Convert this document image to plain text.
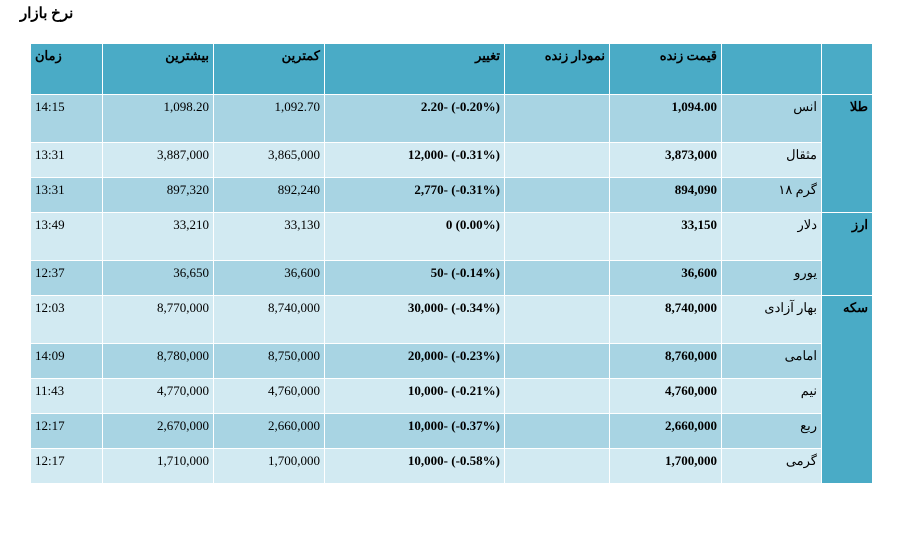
نرخ بازار
زمان	بیشترین	کمترین	تغییر	نمودار زنده	قیمت زنده		
14:15	1,098.20	1,092.70	2.20- (-0.20%)		1,094.00	انس	طلا
13:31	3,887,000	3,865,000	12,000- (-0.31%)		3,873,000	مثقال	
13:31	897,320	892,240	2,770- (-0.31%)		894,090	گرم ۱۸	
13:49	33,210	33,130	0 (0.00%)		33,150	دلار	ارز
12:37	36,650	36,600	50- (-0.14%)		36,600	یورو	
12:03	8,770,000	8,740,000	30,000- (-0.34%)		8,740,000	بهار آزادی	سکه
14:09	8,780,000	8,750,000	20,000- (-0.23%)		8,760,000	امامی	
11:43	4,770,000	4,760,000	10,000- (-0.21%)		4,760,000	نیم	
12:17	2,670,000	2,660,000	10,000- (-0.37%)		2,660,000	ربع	
12:17	1,710,000	1,700,000	10,000- (-0.58%)		1,700,000	گرمی	
